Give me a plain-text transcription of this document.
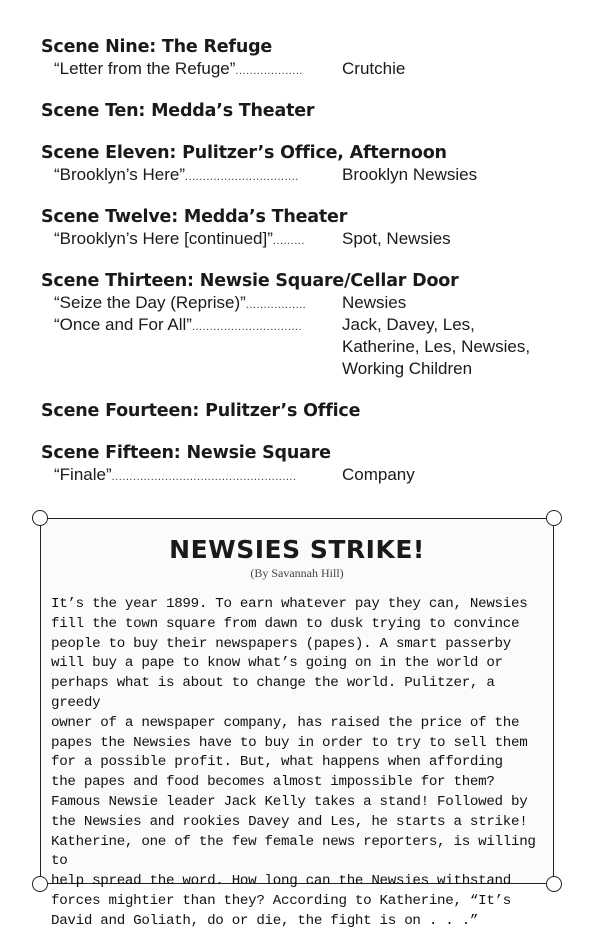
Scene Nine: The Refuge
“Letter from the Refuge”................... Crutchie
Scene Ten: Medda’s Theater
Scene Eleven: Pulitzer’s Office, Afternoon
“Brooklyn’s Here”................................	Brooklyn Newsies
Scene Twelve: Medda’s Theater
“Brooklyn’s Here [continued]”......... Spot, Newsies
Scene Thirteen: Newsie Square/Cellar Door
“Seize the Day (Reprise)”................. Newsies
“Once and For All”............................... Jack, Davey, Les,
Katherine, Les, Newsies,
Working Children
Scene Fourteen: Pulitzer’s Office
Scene Fifteen: Newsie Square
“Finale”....................................................	Company
NEWSIES STRIKE!
(By Savannah Hill)

It’s the year 1899. To earn whatever pay they can, Newsies

fill the town square from dawn to dusk trying to convince

people to buy their newspapers (papes). A smart passerby

will buy a pape to know what’s going on in the world or

perhaps what is about to change the world. Pulitzer, a greedy

owner of a newspaper company, has raised the price of the

papes the Newsies have to buy in order to try to sell them

for a possible profit. But, what happens when affording

the papes and food becomes almost impossible for them?

Famous Newsie leader Jack Kelly takes a stand! Followed by

the Newsies and rookies Davey and Les, he starts a strike!

Katherine, one of the few female news reporters, is willing to

help spread the word. How long can the Newsies withstand

forces mightier than they? According to Katherine, “It’s

David and Goliath, do or die, the fight is on . . .”
